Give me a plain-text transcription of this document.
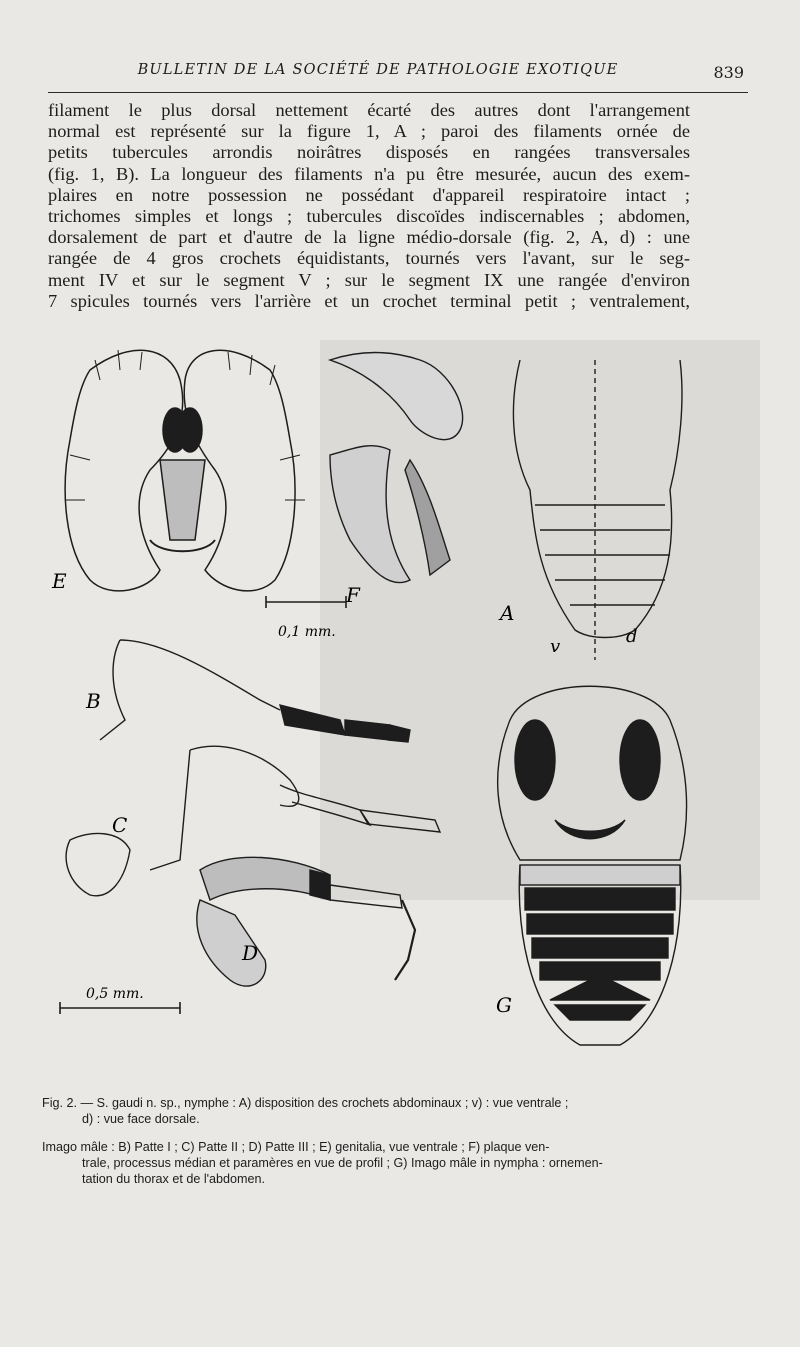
BULLETIN DE LA SOCIÉTÉ DE PATHOLOGIE EXOTIQUE	839
filament le plus dorsal nettement écarté des autres dont l'arrangement
normal est représenté sur la figure 1, A ; paroi des filaments ornée de
petits tubercules arrondis noirâtres disposés en rangées transversales
(fig. 1, B). La longueur des filaments n'a pu être mesurée, aucun des exem-
plaires en notre possession ne possédant d'appareil respiratoire intact ;
trichomes simples et longs ; tubercules discoïdes indiscernables ; abdomen,
dorsalement de part et d'autre de la ligne médio-dorsale (fig. 2, A, d) : une
rangée de 4 gros crochets équidistants, tournés vers l'avant, sur le seg-
ment IV et sur le segment V ; sur le segment IX une rangée d'environ
7 spicules tournés vers l'arrière et un crochet terminal petit ; ventralement,
E
F
0,1 mm.
A
v	d
B
C
D
0,5 mm.	G
Fig. 2. — S. gaudi n. sp., nymphe : A) disposition des crochets abdominaux ; v) : vue ventrale ;
d) : vue face dorsale.
Imago mâle : B) Patte I ; C) Patte II ; D) Patte III ; E) genitalia, vue ventrale ; F) plaque ven-
trale, processus médian et paramères en vue de profil ; G) Imago mâle in nympha : ornemen-
tation du thorax et de l'abdomen.
